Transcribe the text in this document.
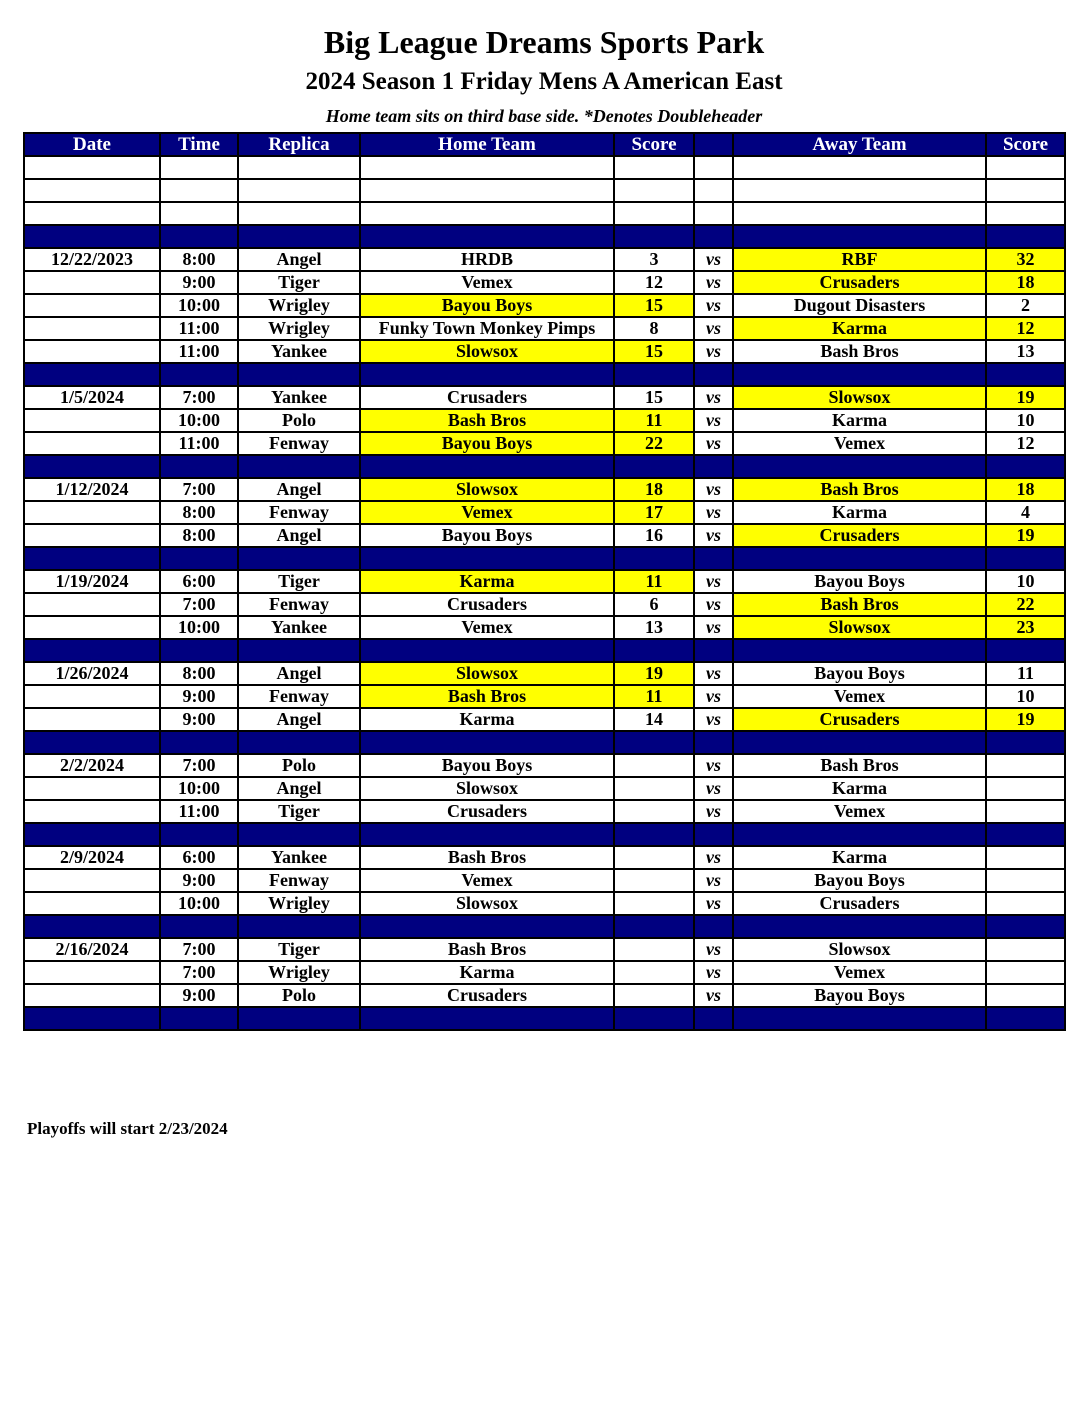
Big League Dreams Sports Park
2024 Season 1 Friday Mens A American East
Home team sits on third base side. *Denotes Doubleheader
Date	Time	Replica	Home Team	Score		Away Team	Score

12/22/2023	8:00	Angel	HRDB	3	vs	RBF	32
	9:00	Tiger	Vemex	12	vs	Crusaders	18
	10:00	Wrigley	Bayou Boys	15	vs	Dugout Disasters	2
	11:00	Wrigley	Funky Town Monkey Pimps	8	vs	Karma	12
	11:00	Yankee	Slowsox	15	vs	Bash Bros	13

1/5/2024	7:00	Yankee	Crusaders	15	vs	Slowsox	19
	10:00	Polo	Bash Bros	11	vs	Karma	10
	11:00	Fenway	Bayou Boys	22	vs	Vemex	12

1/12/2024	7:00	Angel	Slowsox	18	vs	Bash Bros	18
	8:00	Fenway	Vemex	17	vs	Karma	4
	8:00	Angel	Bayou Boys	16	vs	Crusaders	19

1/19/2024	6:00	Tiger	Karma	11	vs	Bayou Boys	10
	7:00	Fenway	Crusaders	6	vs	Bash Bros	22
	10:00	Yankee	Vemex	13	vs	Slowsox	23

1/26/2024	8:00	Angel	Slowsox	19	vs	Bayou Boys	11
	9:00	Fenway	Bash Bros	11	vs	Vemex	10
	9:00	Angel	Karma	14	vs	Crusaders	19

2/2/2024	7:00	Polo	Bayou Boys		vs	Bash Bros	
	10:00	Angel	Slowsox		vs	Karma	
	11:00	Tiger	Crusaders		vs	Vemex	

2/9/2024	6:00	Yankee	Bash Bros		vs	Karma	
	9:00	Fenway	Vemex		vs	Bayou Boys	
	10:00	Wrigley	Slowsox		vs	Crusaders	

2/16/2024	7:00	Tiger	Bash Bros		vs	Slowsox	
	7:00	Wrigley	Karma		vs	Vemex	
	9:00	Polo	Crusaders		vs	Bayou Boys	

Playoffs will start 2/23/2024
